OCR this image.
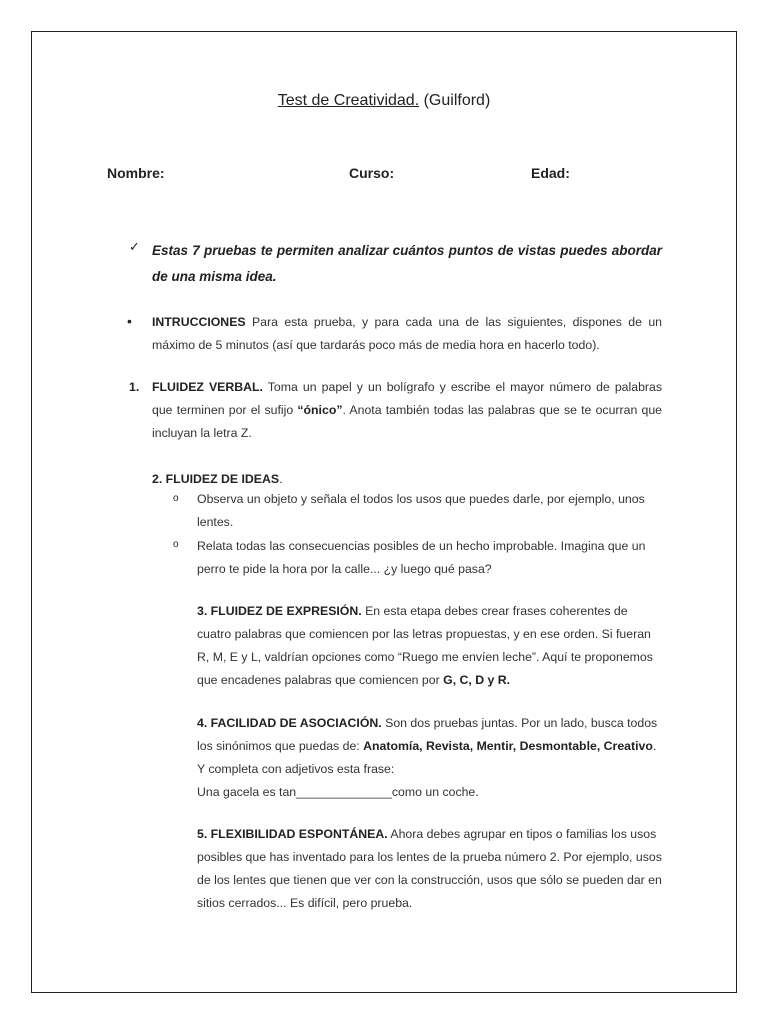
Test de Creatividad. (Guilford)
Nombre:	Curso:	Edad:
✓ Estas 7 pruebas te permiten analizar cuántos puntos de vistas puedes abordar de una misma idea.
• INTRUCCIONES Para esta prueba, y para cada una de las siguientes, dispones de un máximo de 5 minutos (así que tardarás poco más de media hora en hacerlo todo).
1. FLUIDEZ VERBAL. Toma un papel y un bolígrafo y escribe el mayor número de palabras que terminen por el sufijo “ónico”. Anota también todas las palabras que se te ocurran que incluyan la letra Z.
2. FLUIDEZ DE IDEAS.
o Observa un objeto y señala el todos los usos que puedes darle, por ejemplo, unos lentes.
o Relata todas las consecuencias posibles de un hecho improbable. Imagina que un perro te pide la hora por la calle... ¿y luego qué pasa?
3. FLUIDEZ DE EXPRESIÓN. En esta etapa debes crear frases coherentes de cuatro palabras que comiencen por las letras propuestas, y en ese orden. Si fueran R, M, E y L, valdrían opciones como “Ruego me envíen leche”. Aquí te proponemos que encadenes palabras que comiencen por G, C, D y R.
4. FACILIDAD DE ASOCIACIÓN. Son dos pruebas juntas. Por un lado, busca todos los sinónimos que puedas de: Anatomía, Revista, Mentir, Desmontable, Creativo. Y completa con adjetivos esta frase:
Una gacela es tan______________como un coche.
5. FLEXIBILIDAD ESPONTÁNEA. Ahora debes agrupar en tipos o familias los usos posibles que has inventado para los lentes de la prueba número 2. Por ejemplo, usos de los lentes que tienen que ver con la construcción, usos que sólo se pueden dar en sitios cerrados... Es difícil, pero prueba.
